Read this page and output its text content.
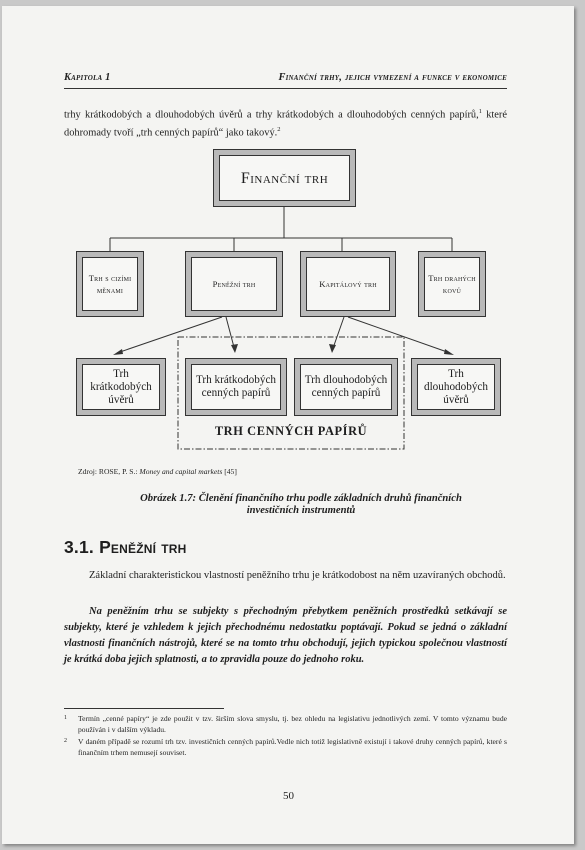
Kapitola 1	Finanční trhy, jejich vymezení a funkce v ekonomice
trhy krátkodobých a dlouhodobých úvěrů a trhy krátkodobých a dlouhodobých cenných papírů,$^1$ které dohromady tvoří „trh cenných papírů“ jako takový.$^2$
Finanční trh
Trh s cizími měnami
Peněžní trh	Kapitálový trh
Trh drahých kovů
Trh krátkodobých úvěrů
Trh krátkodobých cenných papírů
Trh dlouhodobých cenných papírů
Trh dlouhodobých úvěrů
TRH CENNÝCH PAPÍRŮ
Zdroj: ROSE, P. S.: Money and capital markets [45]
Obrázek 1.7: Členění finančního trhu podle základních druhů finančních
investičních instrumentů
3.1. Peněžní trh
Základní charakteristickou vlastností peněžního trhu je krátkodobost na něm uzavíraných obchodů.
Na peněžním trhu se subjekty s přechodným přebytkem peněžních prostředků setkávají se subjekty, které je vzhledem k jejich přechodnému nedostatku poptávají. Pokud se jedná o základní vlastnosti finančních nástrojů, které se na tomto trhu obchodují, jejich typickou společnou vlastností je krátká doba jejich splatnosti, a to zpravidla pouze do jednoho roku.
1	Termín „cenné papíry“ je zde použit v tzv. širším slova smyslu, tj. bez ohledu na legislativu jednotlivých zemí. V tomto významu bude používán i v dalším výkladu.
2	V daném případě se rozumí trh tzv. investičních cenných papírů.Vedle nich totiž legislativně existují i takové druhy cenných papírů, které s finančním trhem nemusejí souviset.
50
